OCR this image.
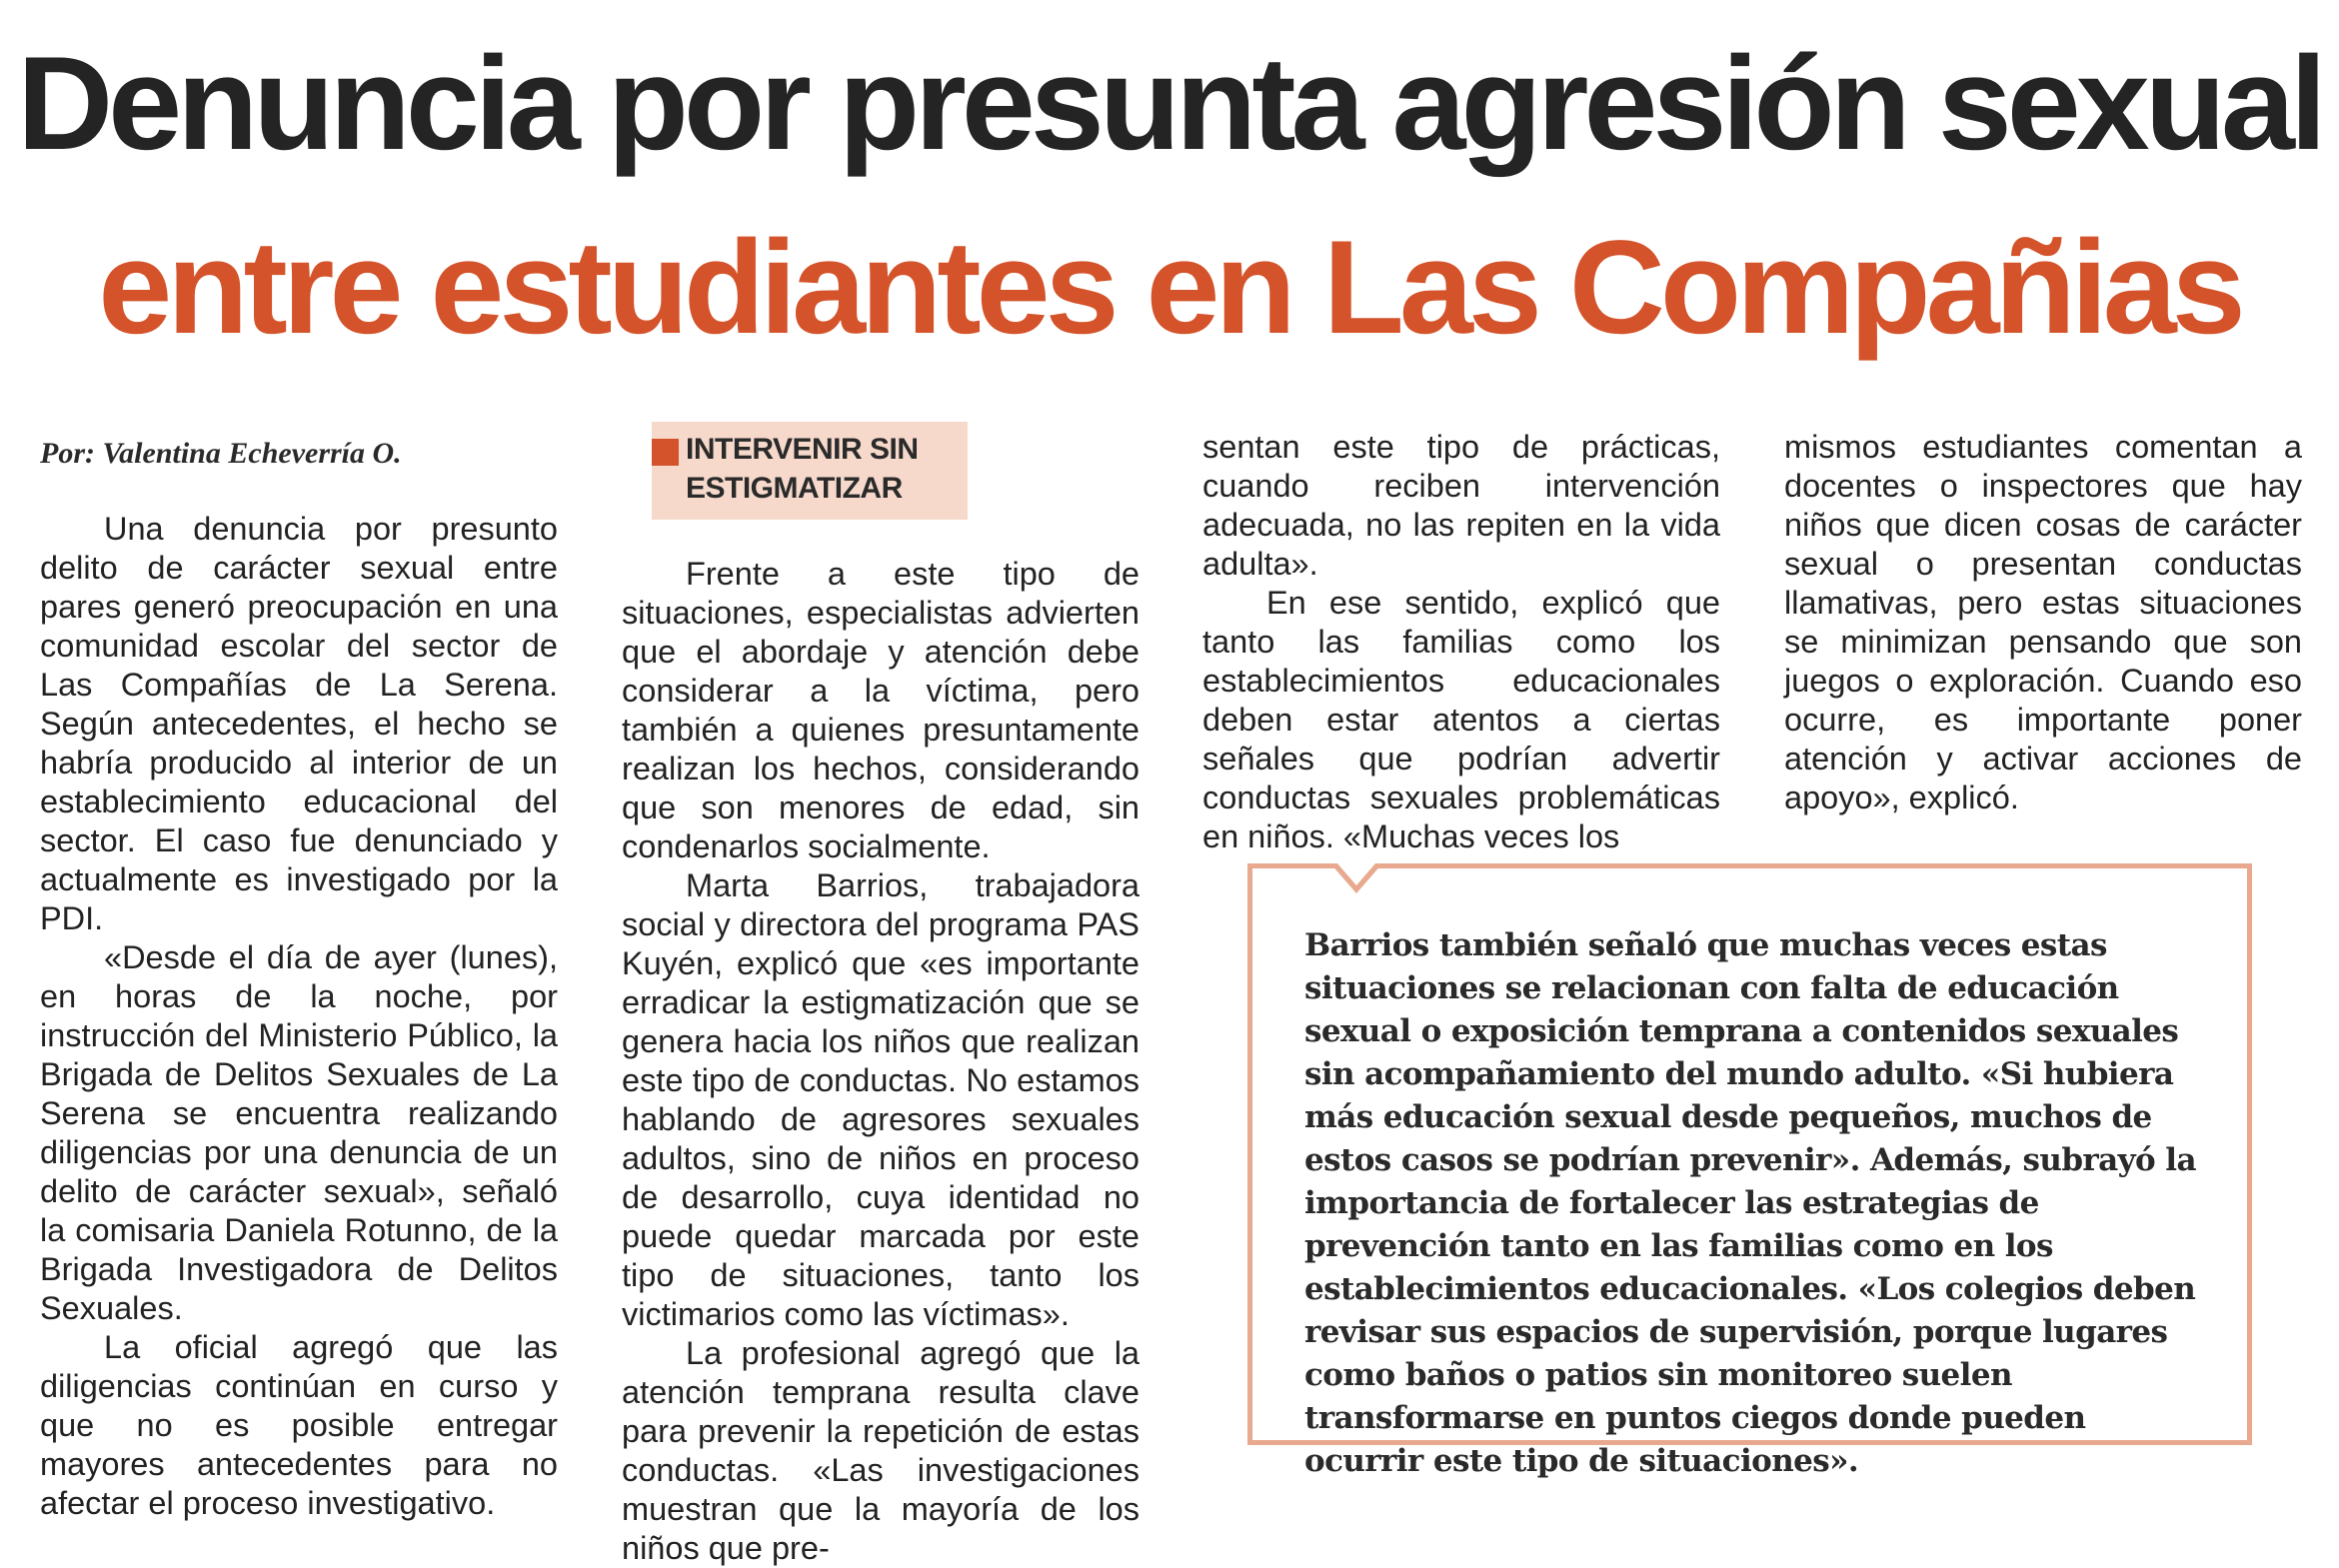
Denuncia por presunta agresión sexual
entre estudiantes en Las Compañias
Por: Valentina Echeverría O.

Una denuncia por presunto delito de carácter sexual entre pares generó preocupación en una comunidad escolar del sector de Las Compañías de La Serena. Según antecedentes, el hecho se habría producido al interior de un establecimiento educacional del sector. El caso fue denunciado y actualmente es investigado por la PDI.

«Desde el día de ayer (lunes), en horas de la noche, por instrucción del Ministerio Público, la Brigada de Delitos Sexuales de La Serena se encuentra realizando diligencias por una denuncia de un delito de carácter sexual», señaló la comisaria Daniela Rotunno, de la Brigada Investigadora de Delitos Sexuales.

La oficial agregó que las diligencias continúan en curso y que no es posible entregar mayores antecedentes para no afectar el proceso investigativo.

INTERVENIR SIN ESTIGMATIZAR

Frente a este tipo de situaciones, especialistas advierten que el abordaje y atención debe considerar a la víctima, pero también a quienes presuntamente realizan los hechos, considerando que son menores de edad, sin condenarlos socialmente.

Marta Barrios, trabajadora social y directora del programa PAS Kuyén, explicó que «es importante erradicar la estigmatización que se genera hacia los niños que realizan este tipo de conductas. No estamos hablando de agresores sexuales adultos, sino de niños en proceso de desarrollo, cuya identidad no puede quedar marcada por este tipo de situaciones, tanto los victimarios como las víctimas».

La profesional agregó que la atención temprana resulta clave para prevenir la repetición de estas conductas. «Las investigaciones muestran que la mayoría de los niños que pre-

sentan este tipo de prácticas, cuando reciben intervención adecuada, no las repiten en la vida adulta».

En ese sentido, explicó que tanto las familias como los establecimientos educacionales deben estar atentos a ciertas señales que podrían advertir conductas sexuales problemáticas en niños. «Muchas veces los

mismos estudiantes comentan a docentes o inspectores que hay niños que dicen cosas de carácter sexual o presentan conductas llamativas, pero estas situaciones se minimizan pensando que son juegos o exploración. Cuando eso ocurre, es importante poner atención y activar acciones de apoyo», explicó.

Barrios también señaló que muchas veces estas situaciones se relacionan con falta de educación sexual o exposición temprana a contenidos sexuales sin acompañamiento del mundo adulto. «Si hubiera más educación sexual desde pequeños, muchos de estos casos se podrían prevenir». Además, subrayó la importancia de fortalecer las estrategias de prevención tanto en las familias como en los establecimientos educacionales. «Los colegios deben revisar sus espacios de supervisión, porque lugares como baños o patios sin monitoreo suelen transformarse en puntos ciegos donde pueden ocurrir este tipo de situaciones».
